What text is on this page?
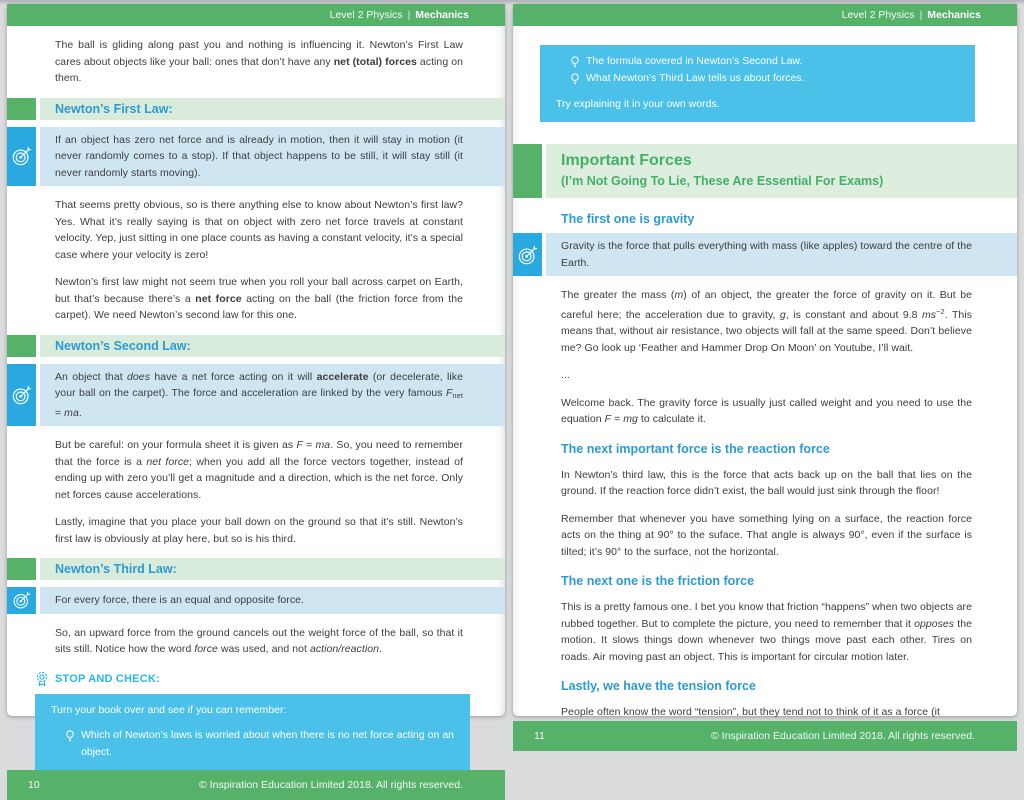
Level 2 Physics | Mechanics

The ball is gliding along past you and nothing is influencing it. Newton’s First Law cares about objects like your ball: ones that don’t have any net (total) forces acting on them.

Newton’s First Law:

If an object has zero net force and is already in motion, then it will stay in motion (it never randomly comes to a stop). If that object happens to be still, it will stay still (it never randomly starts moving).

That seems pretty obvious, so is there anything else to know about Newton’s first law? Yes. What it’s really saying is that on object with zero net force travels at constant velocity. Yep, just sitting in one place counts as having a constant velocity, it’s a special case where your velocity is zero!

Newton’s first law might not seem true when you roll your ball across carpet on Earth, but that’s because there’s a net force acting on the ball (the friction force from the carpet). We need Newton’s second law for this one.

Newton’s Second Law:

An object that does have a net force acting on it will accelerate (or decelerate, like your ball on the carpet). The force and acceleration are linked by the very famous Fnet = ma.

But be careful: on your formula sheet it is given as F = ma. So, you need to remember that the force is a net force; when you add all the force vectors together, instead of ending up with zero you’ll get a magnitude and a direction, which is the net force. Only net forces cause accelerations.

Lastly, imagine that you place your ball down on the ground so that it’s still. Newton’s first law is obviously at play here, but so is his third.

Newton’s Third Law:

For every force, there is an equal and opposite force.

So, an upward force from the ground cancels out the weight force of the ball, so that it sits still. Notice how the word force was used, and not action/reaction.

STOP AND CHECK:
Turn your book over and see if you can remember:
Which of Newton’s laws is worried about when there is no net force acting on an object.
10	© Inspiration Education Limited 2018. All rights reserved.
Level 2 Physics | Mechanics
The formula covered in Newton’s Second Law.
What Newton’s Third Law tells us about forces.
Try explaining it in your own words.
Important Forces
(I’m Not Going To Lie, These Are Essential For Exams)
The first one is gravity

Gravity is the force that pulls everything with mass (like apples) toward the centre of the Earth.

The greater the mass (m) of an object, the greater the force of gravity on it. But be careful here; the acceleration due to gravity, g, is constant and about 9.8 $ms^{-2}$. This means that, without air resistance, two objects will fall at the same speed. Don’t believe me? Go look up ‘Feather and Hammer Drop On Moon’ on Youtube, I’ll wait.

...

Welcome back. The gravity force is usually just called weight and you need to use the equation F = mg to calculate it.

The next important force is the reaction force

In Newton’s third law, this is the force that acts back up on the ball that lies on the ground. If the reaction force didn’t exist, the ball would just sink through the floor!

Remember that whenever you have something lying on a surface, the reaction force acts on the thing at 90° to the suface. That angle is always 90°, even if the surface is tilted; it’s 90° to the surface, not the horizontal.

The next one is the friction force

This is a pretty famous one. I bet you know that friction “happens” when two objects are rubbed together. But to complete the picture, you need to remember that it opposes the motion. It slows things down whenever two things move past each other. Tires on roads. Air moving past an object. This is important for circular motion later.

Lastly, we have the tension force

People often know the word “tension”, but they tend not to think of it as a force (it

11	© Inspiration Education Limited 2018. All rights reserved.
